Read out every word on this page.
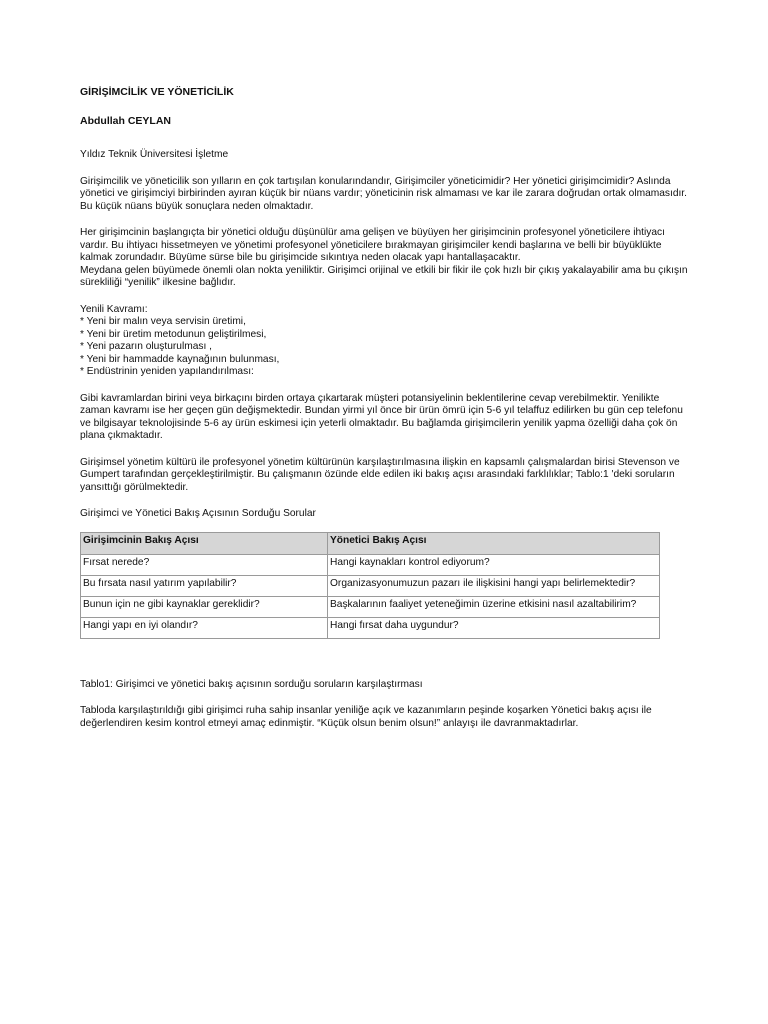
GİRİŞİMCİLİK VE YÖNETİCİLİK

Abdullah CEYLAN

Yıldız Teknik Üniversitesi İşletme

Girişimcilik ve yöneticilik son yılların en çok tartışılan konularındandır, Girişimciler yöneticimidir? Her yönetici girişimcimidir? Aslında yönetici ve girişimciyi birbirinden ayıran küçük bir nüans vardır; yöneticinin risk almaması ve kar ile zarara doğrudan ortak olmamasıdır. Bu küçük nüans büyük sonuçlara neden olmaktadır.

Her girişimcinin başlangıçta bir yönetici olduğu düşünülür ama gelişen ve büyüyen her girişimcinin profesyonel yöneticilere ihtiyacı vardır. Bu ihtiyacı hissetmeyen ve yönetimi profesyonel yöneticilere bırakmayan girişimciler kendi başlarına ve belli bir büyüklükte kalmak zorundadır. Büyüme sürse bile bu girişimcide sıkıntıya neden olacak yapı hantallaşacaktır.

Meydana gelen büyümede önemli olan nokta yeniliktir. Girişimci orijinal ve etkili bir fikir ile çok hızlı bir çıkış yakalayabilir ama bu çıkışın sürekliliği “yenilik” ilkesine bağlıdır.

Yenili Kavramı:

* Yeni bir malın veya servisin üretimi,
* Yeni bir üretim metodunun geliştirilmesi,
* Yeni pazarın oluşturulması ,
* Yeni bir hammadde kaynağının bulunması,
* Endüstrinin yeniden yapılandırılması:

Gibi kavramlardan birini veya birkaçını birden ortaya çıkartarak müşteri potansiyelinin beklentilerine cevap verebilmektir. Yenilikte zaman kavramı ise her geçen gün değişmektedir. Bundan yirmi yıl önce bir ürün ömrü için 5-6 yıl telaffuz edilirken bu gün cep telefonu ve bilgisayar teknolojisinde 5-6 ay ürün eskimesi için yeterli olmaktadır. Bu bağlamda girişimcilerin yenilik yapma özelliği daha çok ön plana çıkmaktadır.

Girişimsel yönetim kültürü ile profesyonel yönetim kültürünün karşılaştırılmasına ilişkin en kapsamlı çalışmalardan birisi Stevenson ve Gumpert tarafından gerçekleştirilmiştir. Bu çalışmanın özünde elde edilen iki bakış açısı arasındaki farklılıklar; Tablo:1 'deki soruların yansıttığı görülmektedir.

Girişimci ve Yönetici Bakış Açısının Sorduğu Sorular

Girişimcinin Bakış Açısı	Yönetici Bakış Açısı
Fırsat nerede?	Hangi kaynakları kontrol ediyorum?
Bu fırsata nasıl yatırım yapılabilir?	Organizasyonumuzun pazarı ile ilişkisini hangi yapı belirlemektedir?
Bunun için ne gibi kaynaklar gereklidir?	Başkalarının faaliyet yeteneğimin üzerine etkisini nasıl azaltabilirim?
Hangi yapı en iyi olandır?	Hangi fırsat daha uygundur?

Tablo1: Girişimci ve yönetici bakış açısının sorduğu soruların karşılaştırması

Tabloda karşılaştırıldığı gibi girişimci ruha sahip insanlar yeniliğe açık ve kazanımların peşinde koşarken Yönetici bakış açısı ile değerlendiren kesim kontrol etmeyi amaç edinmiştir. “Küçük olsun benim olsun!” anlayışı ile davranmaktadırlar.
